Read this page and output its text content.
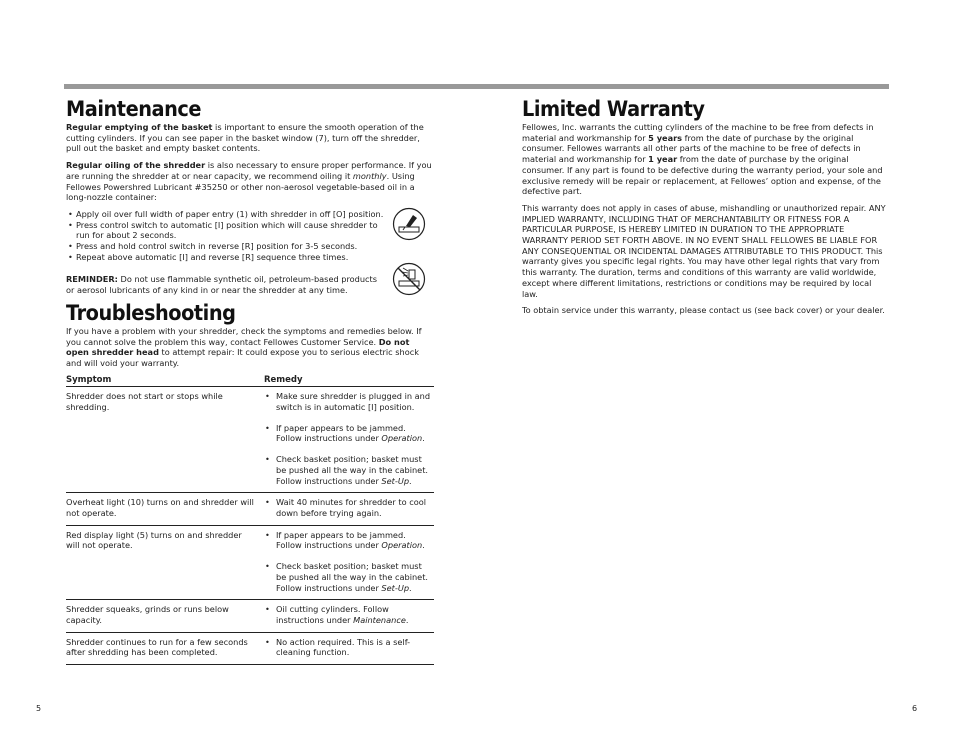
Maintenance

Regular emptying of the basket is important to ensure the smooth operation of the cutting cylinders. If you can see paper in the basket window (7), turn off the shredder, pull out the basket and empty basket contents.

Regular oiling of the shredder is also necessary to ensure proper performance. If you are running the shredder at or near capacity, we recommend oiling it monthly. Using Fellowes Powershred Lubricant #35250 or other non-aerosol vegetable-based oil in a long-nozzle container:

• Apply oil over full width of paper entry (1) with shredder in off [O] position.
• Press control switch to automatic [I] position which will cause shredder to run for about 2 seconds.
• Press and hold control switch in reverse [R] position for 3-5 seconds.
• Repeat above automatic [I] and reverse [R] sequence three times.

REMINDER: Do not use flammable synthetic oil, petroleum-based products or aerosol lubricants of any kind in or near the shredder at any time.

Troubleshooting

If you have a problem with your shredder, check the symptoms and remedies below. If you cannot solve the problem this way, contact Fellowes Customer Service. Do not open shredder head to attempt repair: It could expose you to serious electric shock and will void your warranty.

Symptom	Remedy
Shredder does not start or stops while shredding.	• Make sure shredder is plugged in and switch is in automatic [I] position.
• If paper appears to be jammed. Follow instructions under Operation.
• Check basket position; basket must be pushed all the way in the cabinet. Follow instructions under Set-Up.

Overheat light (10) turns on and shredder will not operate.	• Wait 40 minutes for shredder to cool down before trying again.

Red display light (5) turns on and shredder will not operate.	• If paper appears to be jammed. Follow instructions under Operation.
• Check basket position; basket must be pushed all the way in the cabinet. Follow instructions under Set-Up.

Shredder squeaks, grinds or runs below capacity.	• Oil cutting cylinders. Follow instructions under Maintenance.

Shredder continues to run for a few seconds after shredding has been completed.	• No action required. This is a self-cleaning function.
Limited Warranty

Fellowes, Inc. warrants the cutting cylinders of the machine to be free from defects in material and workmanship for 5 years from the date of purchase by the original consumer. Fellowes warrants all other parts of the machine to be free of defects in material and workmanship for 1 year from the date of purchase by the original consumer. If any part is found to be defective during the warranty period, your sole and exclusive remedy will be repair or replacement, at Fellowes’ option and expense, of the defective part.

This warranty does not apply in cases of abuse, mishandling or unauthorized repair. ANY IMPLIED WARRANTY, INCLUDING THAT OF MERCHANTABILITY OR FITNESS FOR A PARTICULAR PURPOSE, IS HEREBY LIMITED IN DURATION TO THE APPROPRIATE WARRANTY PERIOD SET FORTH ABOVE. IN NO EVENT SHALL FELLOWES BE LIABLE FOR ANY CONSEQUENTIAL OR INCIDENTAL DAMAGES ATTRIBUTABLE TO THIS PRODUCT. This warranty gives you specific legal rights. You may have other legal rights that vary from this warranty. The duration, terms and conditions of this warranty are valid worldwide, except where different limitations, restrictions or conditions may be required by local law.

To obtain service under this warranty, please contact us (see back cover) or your dealer.

5	6
